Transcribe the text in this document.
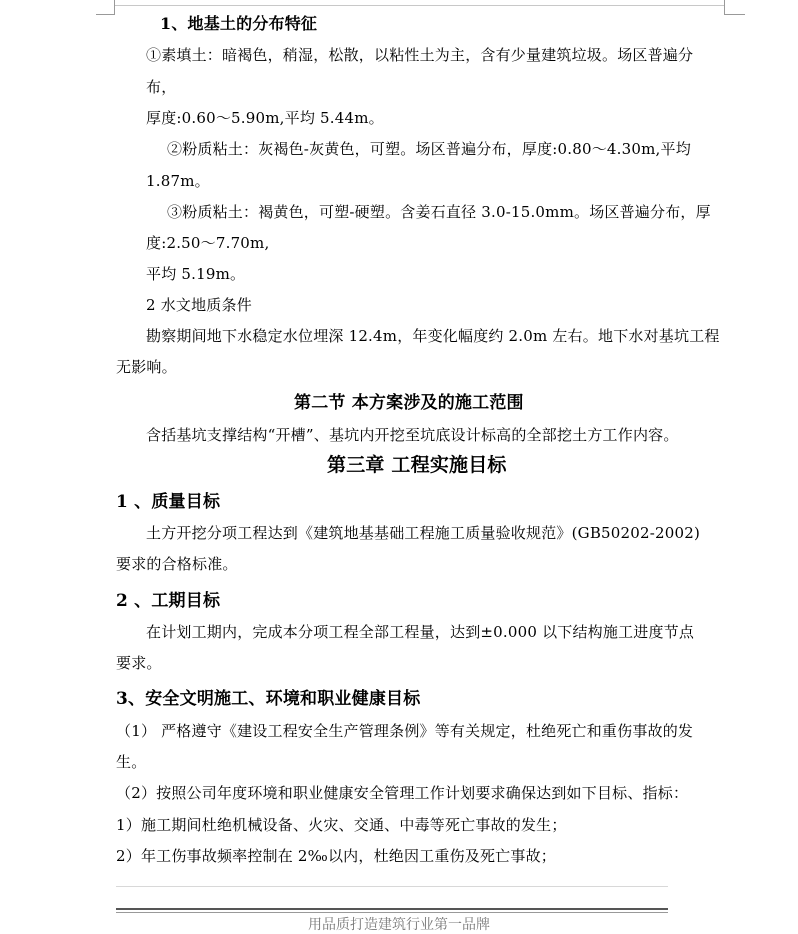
1、地基土的分布特征
①素填土：暗褐色，稍湿，松散，以粘性土为主，含有少量建筑垃圾。场区普遍分
布，
厚度:0.60～5.90m,平均 5.44m。
②粉质粘土：灰褐色-灰黄色，可塑。场区普遍分布，厚度:0.80～4.30m,平均
1.87m。
③粉质粘土：褐黄色，可塑-硬塑。含姜石直径 3.0-15.0mm。场区普遍分布，厚
度:2.50～7.70m,
平均 5.19m。
2 水文地质条件
勘察期间地下水稳定水位埋深 12.4m，年变化幅度约 2.0m 左右。地下水对基坑工程
无影响。
第二节 本方案涉及的施工范围
含括基坑支撑结构“开槽”、基坑内开挖至坑底设计标高的全部挖土方工作内容。
第三章 工程实施目标
1 、质量目标
土方开挖分项工程达到《建筑地基基础工程施工质量验收规范》(GB50202-2002)
要求的合格标准。
2 、工期目标
在计划工期内，完成本分项工程全部工程量，达到±0.000 以下结构施工进度节点
要求。
3、安全文明施工、环境和职业健康目标
（1） 严格遵守《建设工程安全生产管理条例》等有关规定，杜绝死亡和重伤事故的发
生。
（2）按照公司年度环境和职业健康安全管理工作计划要求确保达到如下目标、指标：
1）施工期间杜绝机械设备、火灾、交通、中毒等死亡事故的发生；
2）年工伤事故频率控制在 2‰以内，杜绝因工重伤及死亡事故；
用品质打造建筑行业第一品牌
